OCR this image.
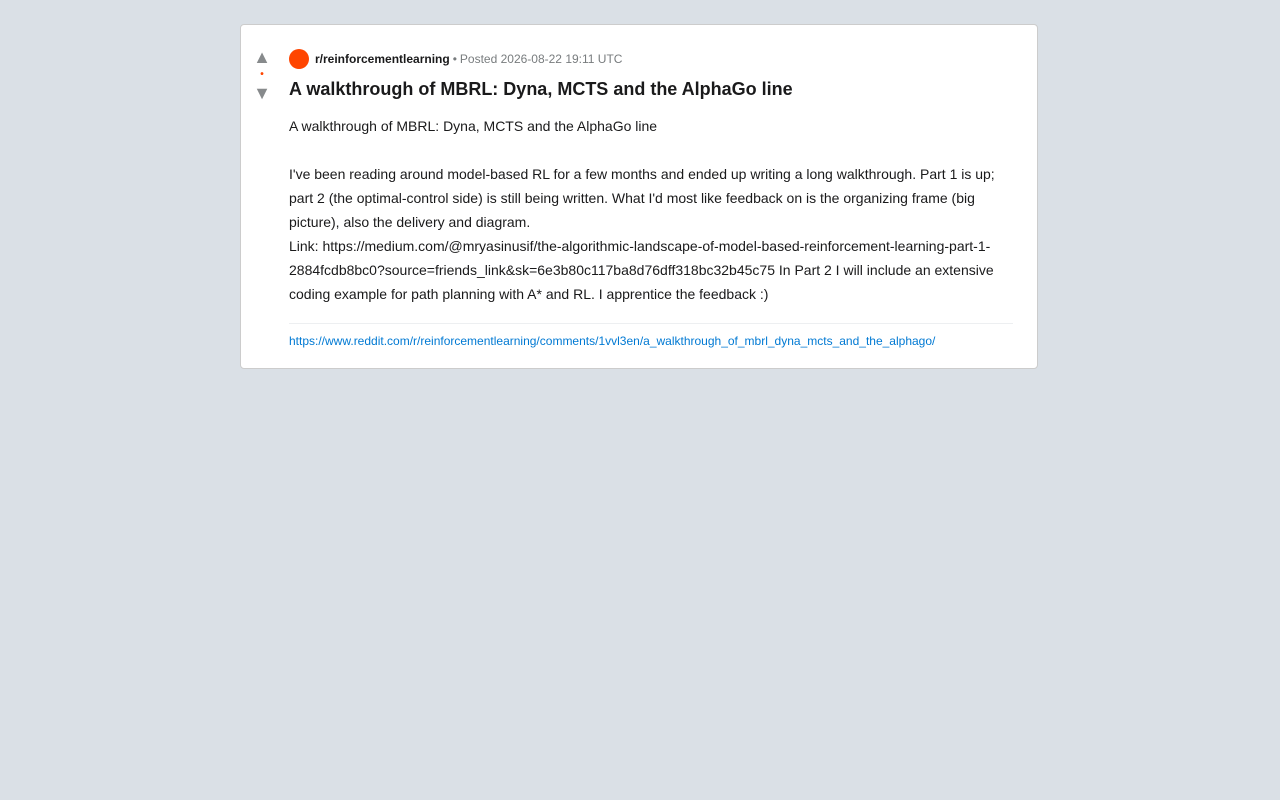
▲
•
▼
r/reinforcementlearning • Posted 2026-08-22 19:11 UTC
A walkthrough of MBRL: Dyna, MCTS and the AlphaGo line
A walkthrough of MBRL: Dyna, MCTS and the AlphaGo line

I've been reading around model-based RL for a few months and ended up writing a long walkthrough. Part 1 is up; part 2 (the optimal-control side) is still being written. What I'd most like feedback on is the organizing frame (big picture), also the delivery and diagram.
Link: https://medium.com/@mryasinusif/the-algorithmic-landscape-of-model-based-reinforcement-learning-part-1-2884fcdb8bc0?source=friends_link&sk=6e3b80c117ba8d76dff318bc32b45c75 In Part 2 I will include an extensive coding example for path planning with A* and RL. I apprentice the feedback :)
https://www.reddit.com/r/reinforcementlearning/comments/1vvl3en/a_walkthrough_of_mbrl_dyna_mcts_and_the_alphago/
